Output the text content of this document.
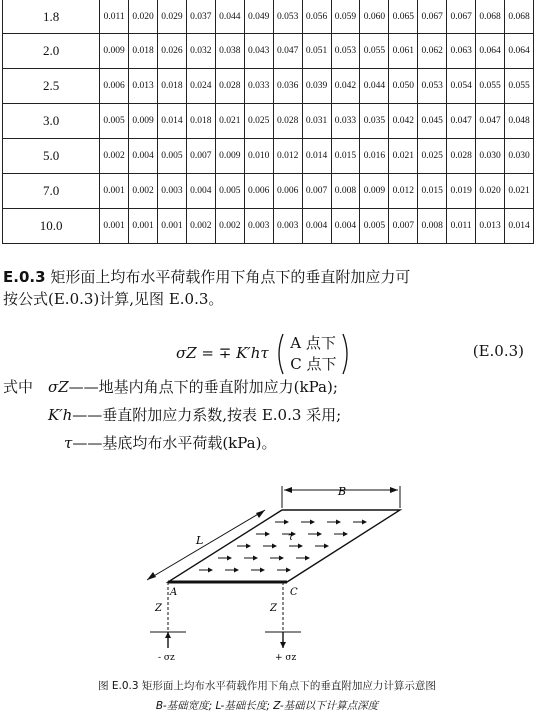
1.8	0.011	0.020	0.029	0.037	0.044	0.049	0.053	0.056	0.059	0.060	0.065	0.067	0.067	0.068	0.068
2.0	0.009	0.018	0.026	0.032	0.038	0.043	0.047	0.051	0.053	0.055	0.061	0.062	0.063	0.064	0.064
2.5	0.006	0.013	0.018	0.024	0.028	0.033	0.036	0.039	0.042	0.044	0.050	0.053	0.054	0.055	0.055
3.0	0.005	0.009	0.014	0.018	0.021	0.025	0.028	0.031	0.033	0.035	0.042	0.045	0.047	0.047	0.048
5.0	0.002	0.004	0.005	0.007	0.009	0.010	0.012	0.014	0.015	0.016	0.021	0.025	0.028	0.030	0.030
7.0	0.001	0.002	0.003	0.004	0.005	0.006	0.006	0.007	0.008	0.009	0.012	0.015	0.019	0.020	0.021
10.0	0.001	0.001	0.001	0.002	0.002	0.003	0.003	0.004	0.004	0.005	0.007	0.008	0.011	0.013	0.014
E.0.3 矩形面上均布水平荷载作用下角点下的垂直附加应力可
按公式(E.0.3)计算,见图 E.0.3。
σZ = ∓ K′hτ  A 点下
C 点下
(E.0.3)
式中 σZ——地基内角点下的垂直附加应力(kPa);
K′h——垂直附加应力系数,按表 E.0.3 采用;
τ——基底均布水平荷载(kPa)。
B
L	τ
A	C
Z	Z
- σz	+ σz
图 E.0.3 矩形面上均布水平荷载作用下角点下的垂直附加应力计算示意图
B-基础宽度; L-基础长度; Z-基础以下计算点深度
